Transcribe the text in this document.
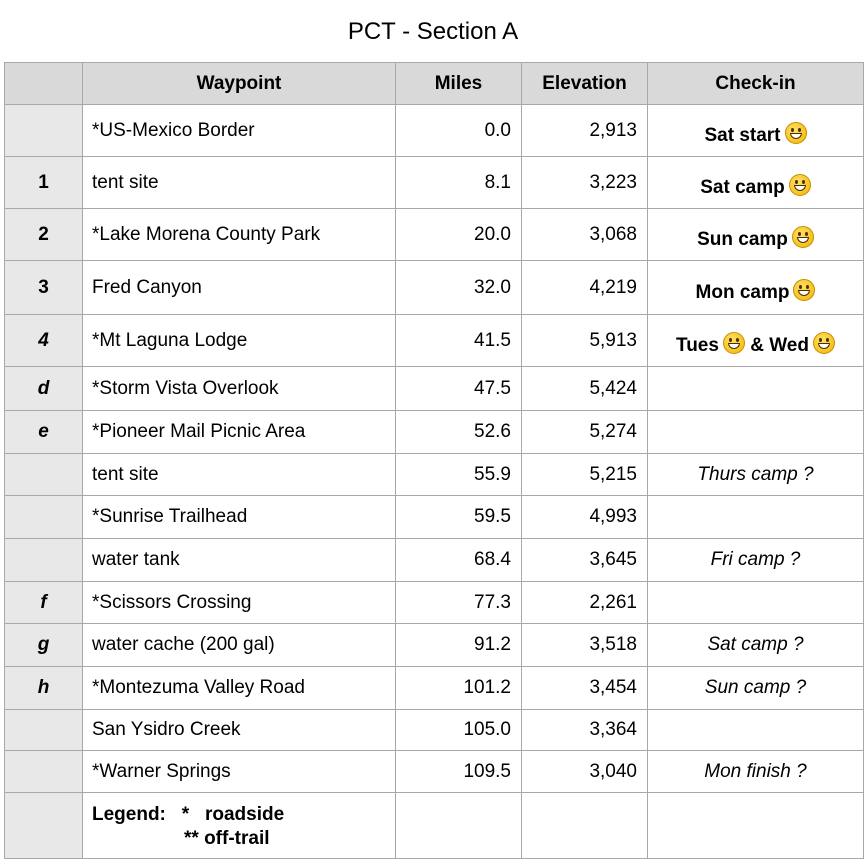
PCT - Section A
	Waypoint	Miles	Elevation	Check-in
	*US-Mexico Border	0.0	2,913	Sat start
1	tent site	8.1	3,223	Sat camp
2	*Lake Morena County Park	20.0	3,068	Sun camp
3	Fred Canyon	32.0	4,219	Mon camp
4	*Mt Laguna Lodge	41.5	5,913	Tues & Wed
d	*Storm Vista Overlook	47.5	5,424	
e	*Pioneer Mail Picnic Area	52.6	5,274	
	tent site	55.9	5,215	Thurs camp ?
	*Sunrise Trailhead	59.5	4,993	
	water tank	68.4	3,645	Fri camp ?
f	*Scissors Crossing	77.3	2,261	
g	water cache (200 gal)	91.2	3,518	Sat camp ?
h	*Montezuma Valley Road	101.2	3,454	Sun camp ?
	San Ysidro Creek	105.0	3,364	
	*Warner Springs	109.5	3,040	Mon finish ?

	Legend: *   roadside
** off-trail			
